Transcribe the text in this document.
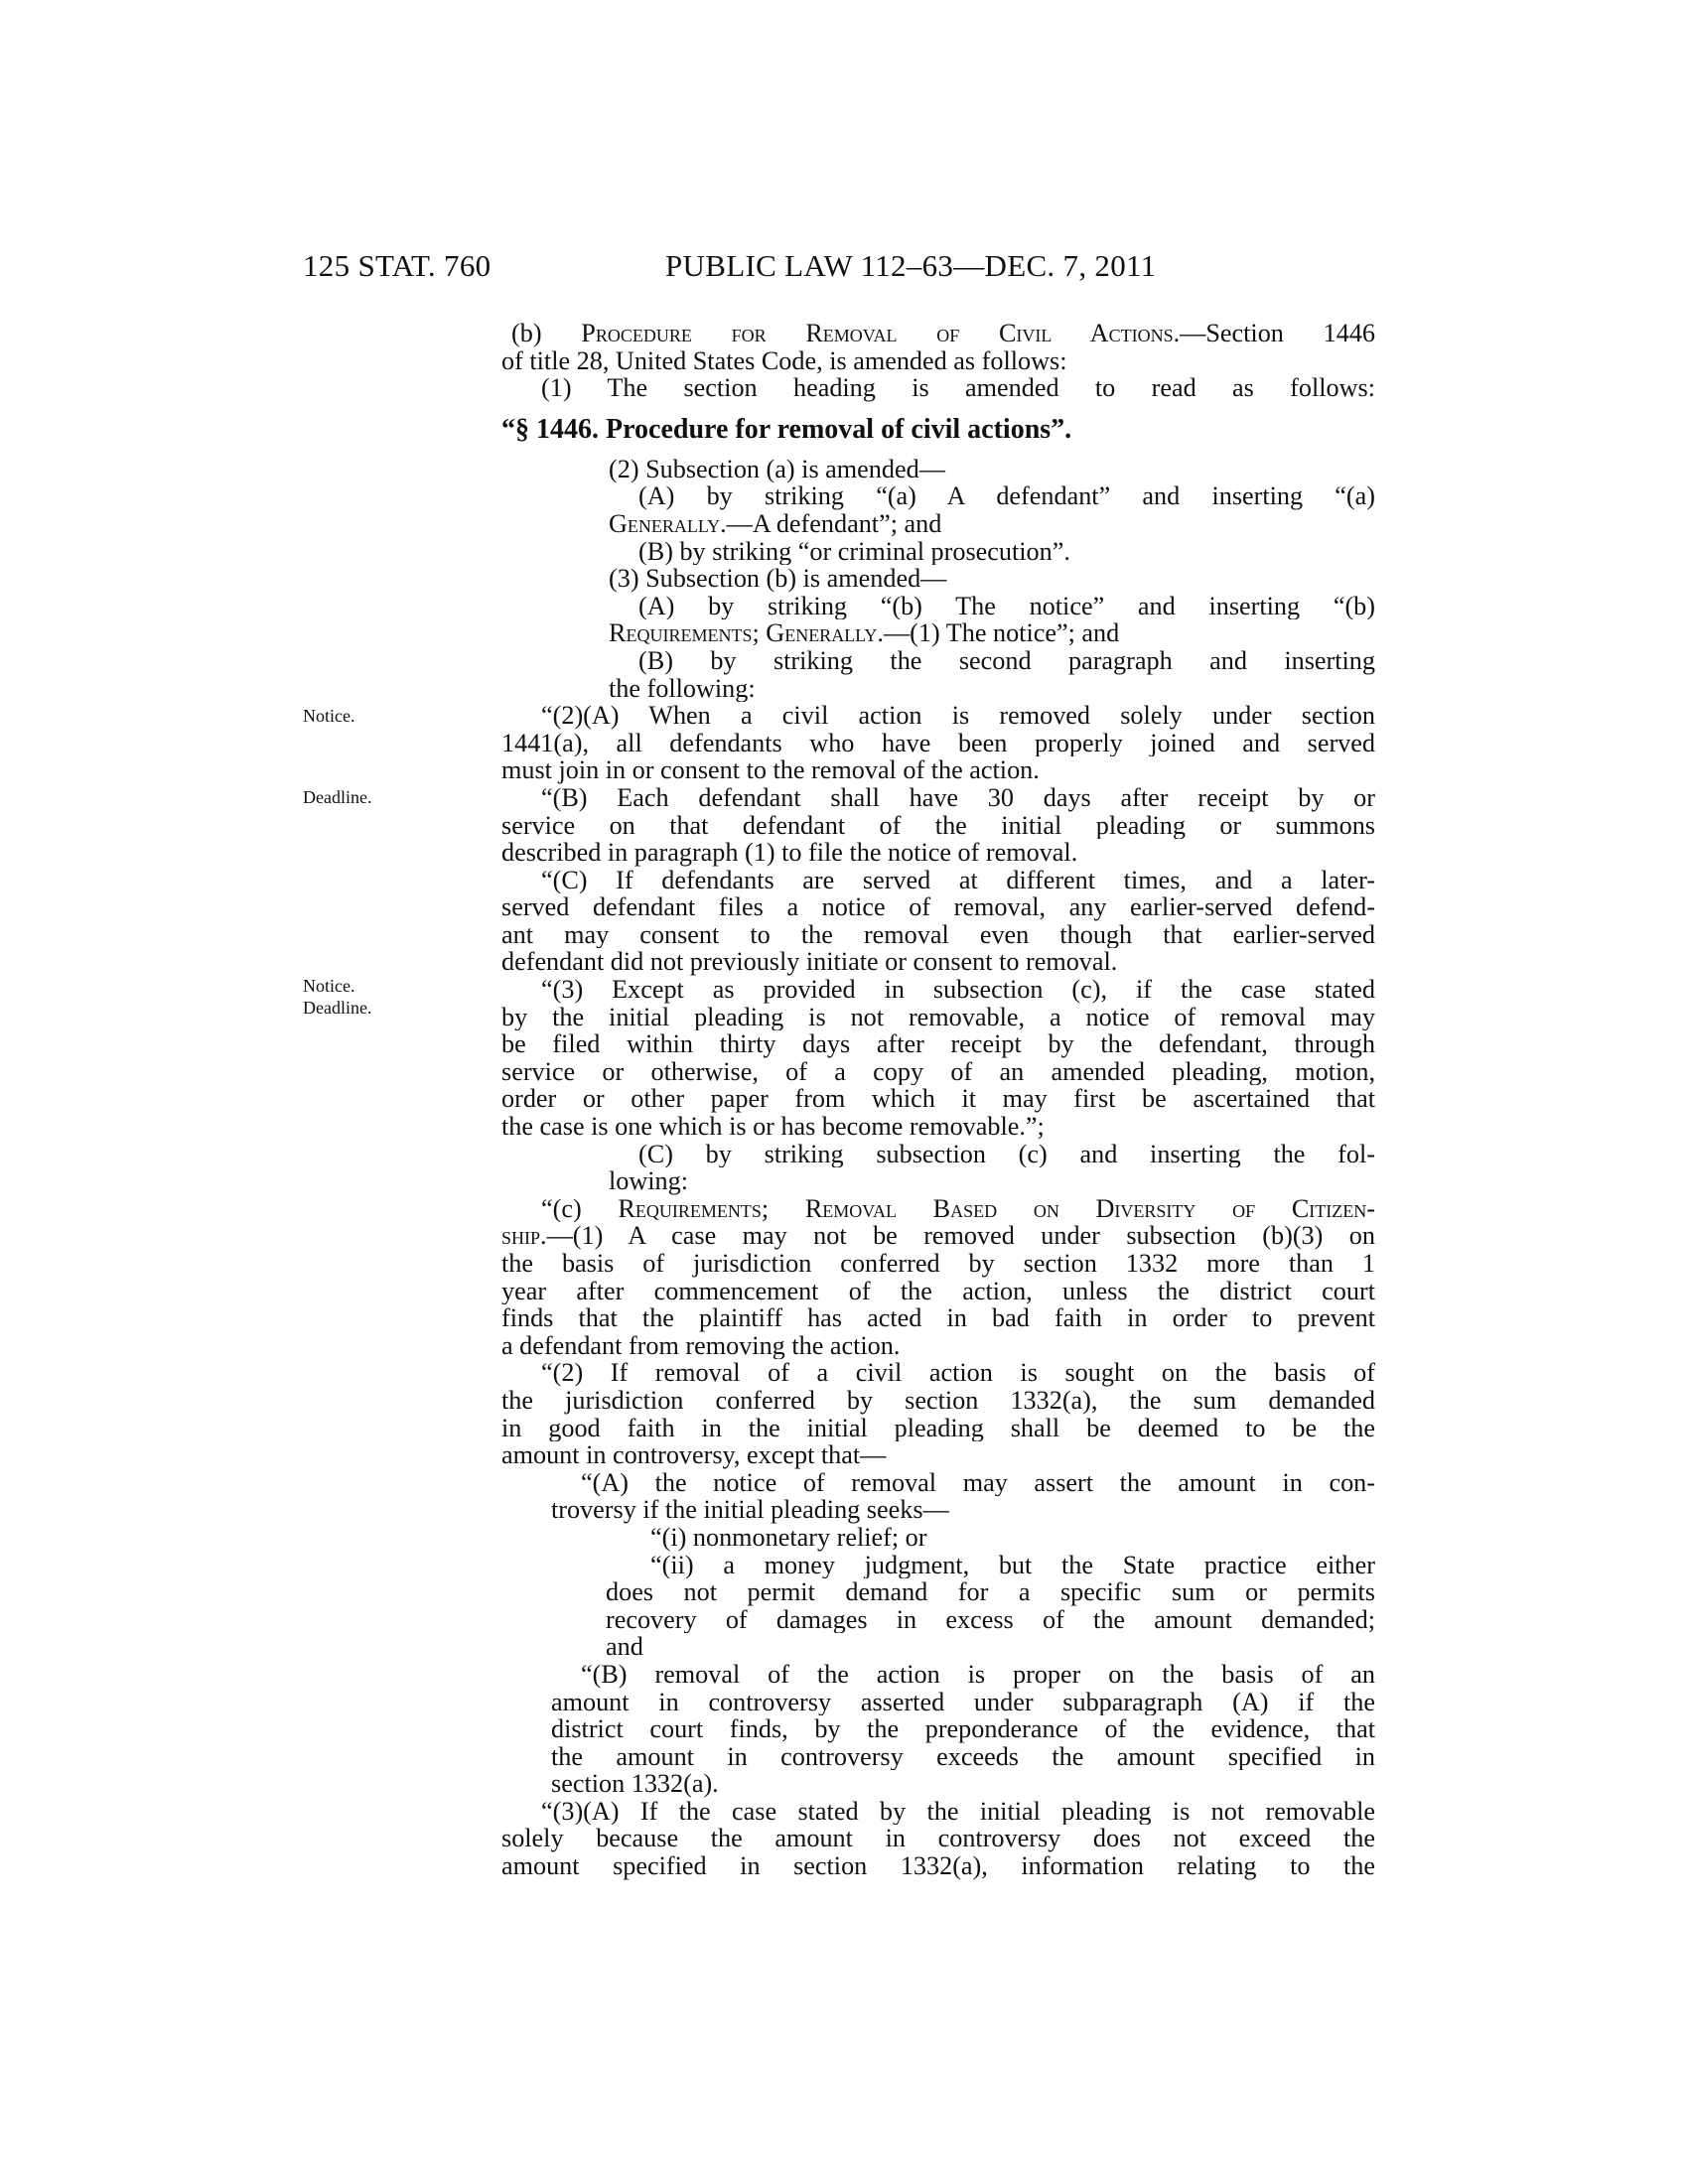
125 STAT. 760	PUBLIC LAW 112–63—DEC. 7, 2011
Notice.
Deadline.
Notice.
Deadline.
(b) Procedure for Removal of Civil Actions.—Section 1446
of title 28, United States Code, is amended as follows:
(1) The section heading is amended to read as follows:
“§ 1446. Procedure for removal of civil actions”.
(2) Subsection (a) is amended—
(A) by striking “(a) A defendant” and inserting “(a)
Generally.—A defendant”; and
(B) by striking “or criminal prosecution”.
(3) Subsection (b) is amended—
(A) by striking “(b) The notice” and inserting “(b)
Requirements; Generally.—(1) The notice”; and
(B) by striking the second paragraph and inserting
the following:
“(2)(A) When a civil action is removed solely under section
1441(a), all defendants who have been properly joined and served
must join in or consent to the removal of the action.
“(B) Each defendant shall have 30 days after receipt by or
service on that defendant of the initial pleading or summons
described in paragraph (1) to file the notice of removal.
“(C) If defendants are served at different times, and a later-
served defendant files a notice of removal, any earlier-served defend-
ant may consent to the removal even though that earlier-served
defendant did not previously initiate or consent to removal.
“(3) Except as provided in subsection (c), if the case stated
by the initial pleading is not removable, a notice of removal may
be filed within thirty days after receipt by the defendant, through
service or otherwise, of a copy of an amended pleading, motion,
order or other paper from which it may first be ascertained that
the case is one which is or has become removable.”;
(C) by striking subsection (c) and inserting the fol-
lowing:
“(c) Requirements; Removal Based on Diversity of Citizen-
ship.—(1) A case may not be removed under subsection (b)(3) on
the basis of jurisdiction conferred by section 1332 more than 1
year after commencement of the action, unless the district court
finds that the plaintiff has acted in bad faith in order to prevent
a defendant from removing the action.
“(2) If removal of a civil action is sought on the basis of
the jurisdiction conferred by section 1332(a), the sum demanded
in good faith in the initial pleading shall be deemed to be the
amount in controversy, except that—
“(A) the notice of removal may assert the amount in con-
troversy if the initial pleading seeks—
“(i) nonmonetary relief; or
“(ii) a money judgment, but the State practice either
does not permit demand for a specific sum or permits
recovery of damages in excess of the amount demanded;
and
“(B) removal of the action is proper on the basis of an
amount in controversy asserted under subparagraph (A) if the
district court finds, by the preponderance of the evidence, that
the amount in controversy exceeds the amount specified in
section 1332(a).
“(3)(A) If the case stated by the initial pleading is not removable
solely because the amount in controversy does not exceed the
amount specified in section 1332(a), information relating to the
